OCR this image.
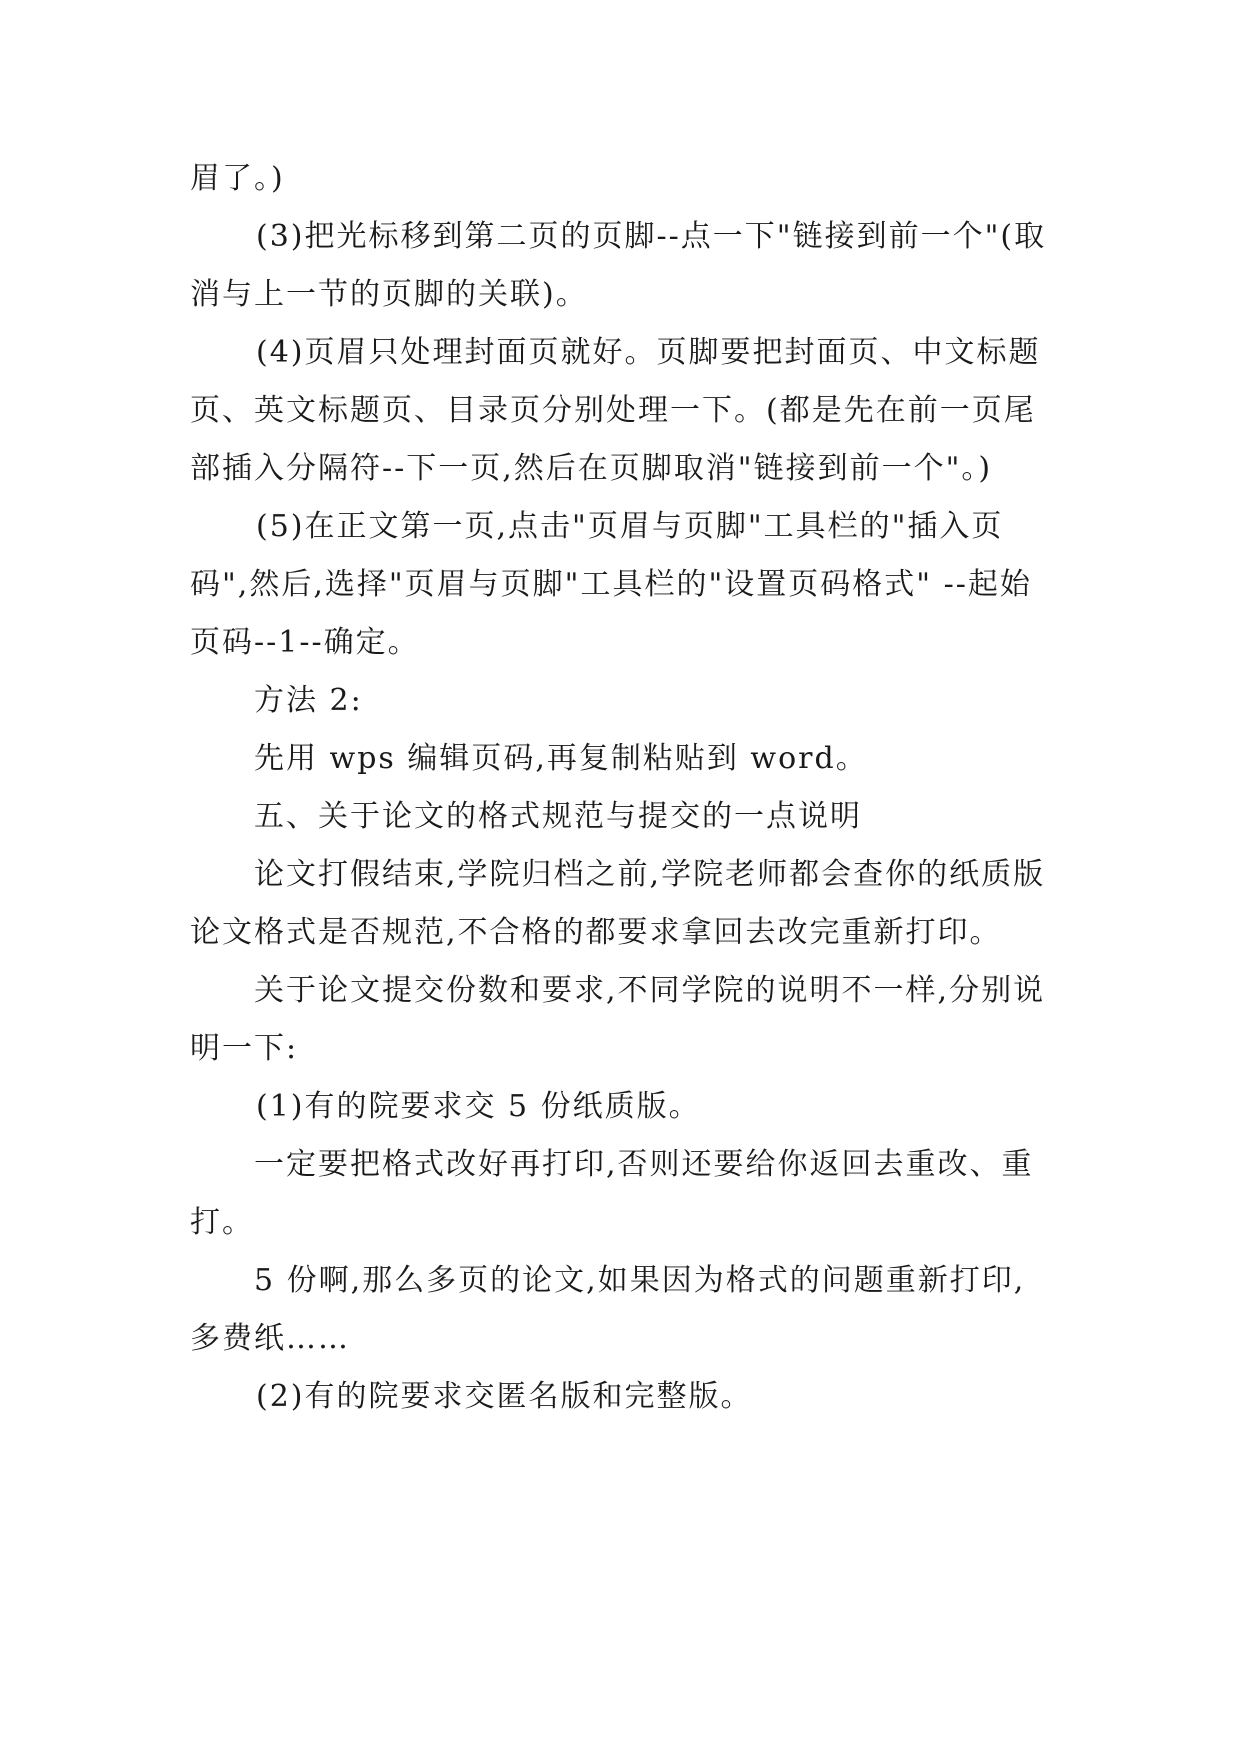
眉了。)

(3)把光标移到第二页的页脚--点一下"链接到前一个"(取消与上一节的页脚的关联)。

(4)页眉只处理封面页就好。页脚要把封面页、中文标题页、英文标题页、目录页分别处理一下。(都是先在前一页尾部插入分隔符--下一页,然后在页脚取消"链接到前一个"。)

(5)在正文第一页,点击"页眉与页脚"工具栏的"插入页码",然后,选择"页眉与页脚"工具栏的"设置页码格式" --起始页码--1--确定。

方法 2:

先用 wps 编辑页码,再复制粘贴到 word。

五、关于论文的格式规范与提交的一点说明

论文打假结束,学院归档之前,学院老师都会查你的纸质版论文格式是否规范,不合格的都要求拿回去改完重新打印。

关于论文提交份数和要求,不同学院的说明不一样,分别说明一下:

(1)有的院要求交 5 份纸质版。

一定要把格式改好再打印,否则还要给你返回去重改、重打。

5 份啊,那么多页的论文,如果因为格式的问题重新打印,多费纸……

(2)有的院要求交匿名版和完整版。
